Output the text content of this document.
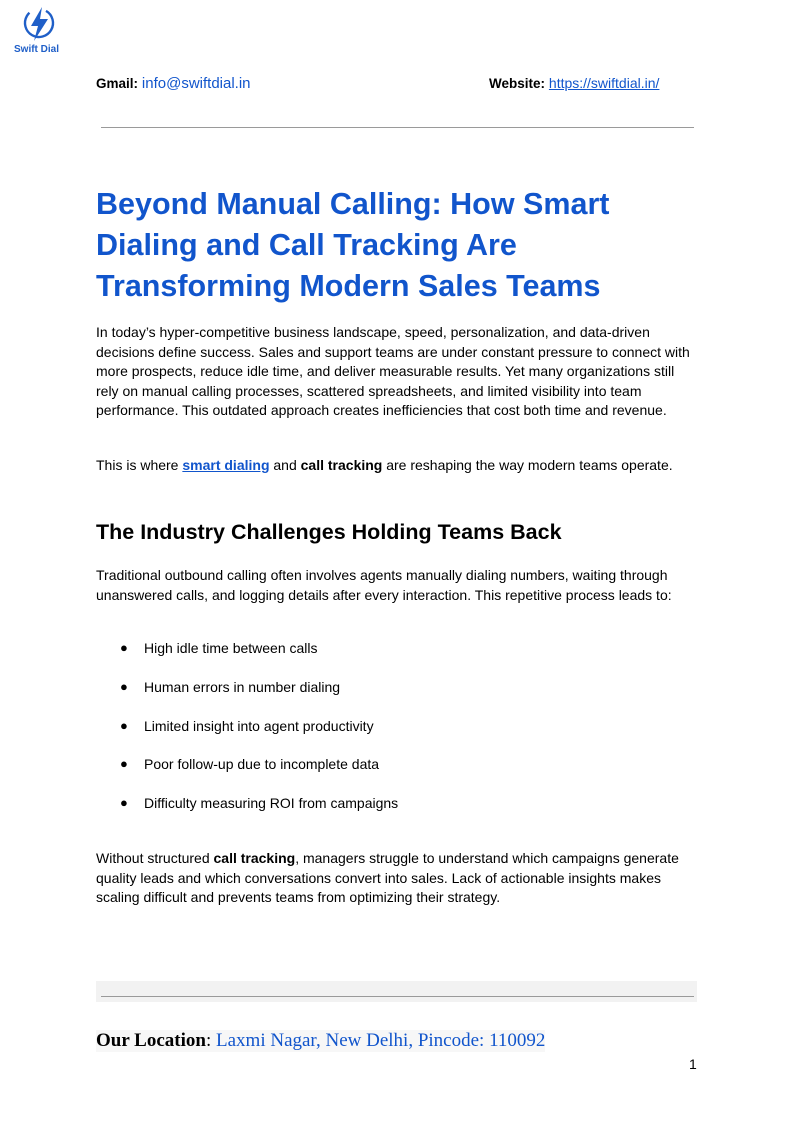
Swift Dial
Gmail: info@swiftdial.in	Website: https://swiftdial.in/
Beyond Manual Calling: How Smart Dialing and Call Tracking Are Transforming Modern Sales Teams

In today’s hyper-competitive business landscape, speed, personalization, and data-driven decisions define success. Sales and support teams are under constant pressure to connect with more prospects, reduce idle time, and deliver measurable results. Yet many organizations still rely on manual calling processes, scattered spreadsheets, and limited visibility into team performance. This outdated approach creates inefficiencies that cost both time and revenue.

This is where smart dialing and call tracking are reshaping the way modern teams operate.

The Industry Challenges Holding Teams Back

Traditional outbound calling often involves agents manually dialing numbers, waiting through unanswered calls, and logging details after every interaction. This repetitive process leads to:

● High idle time between calls
● Human errors in number dialing
● Limited insight into agent productivity
● Poor follow-up due to incomplete data
● Difficulty measuring ROI from campaigns

Without structured call tracking, managers struggle to understand which campaigns generate quality leads and which conversations convert into sales. Lack of actionable insights makes scaling difficult and prevents teams from optimizing their strategy.

Our Location: Laxmi Nagar, New Delhi, Pincode: 110092
1
